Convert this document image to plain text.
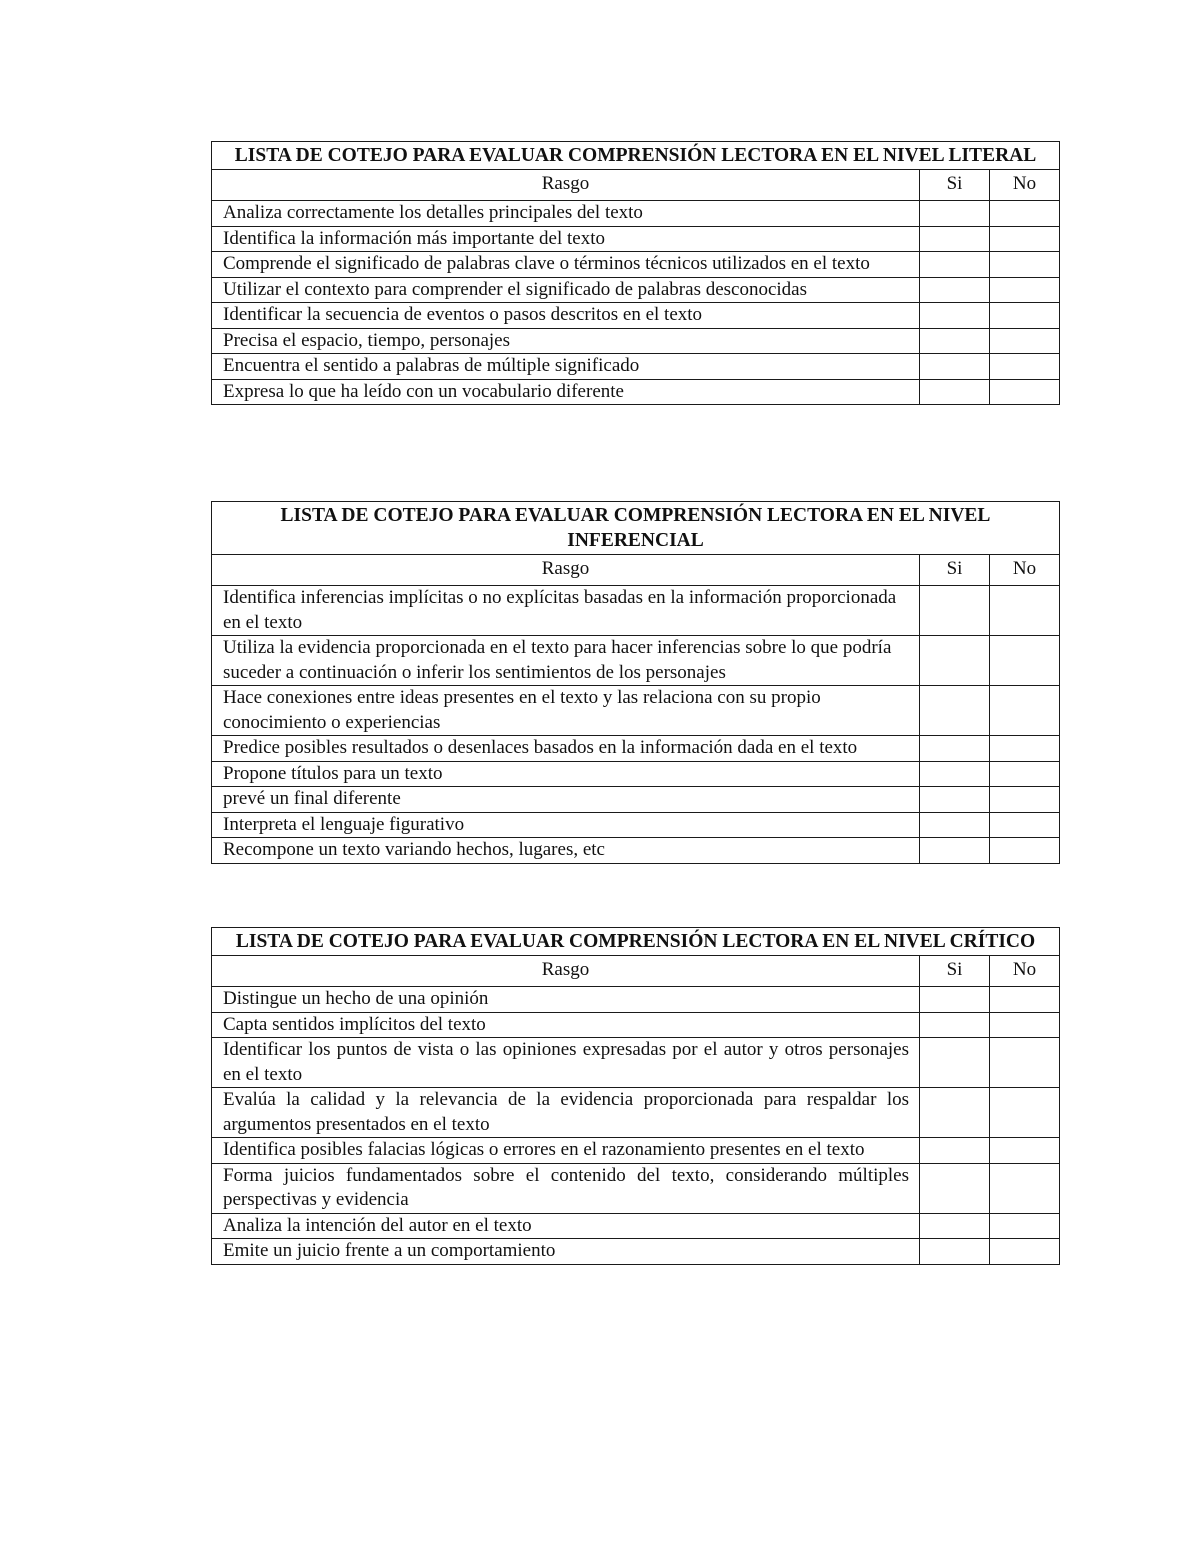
LISTA DE COTEJO PARA EVALUAR COMPRENSIÓN LECTORA EN EL NIVEL LITERAL		
Rasgo	Si	No
Analiza correctamente los detalles principales del texto		
Identifica la información más importante del texto		
Comprende el significado de palabras clave o términos técnicos utilizados en el texto		
Utilizar el contexto para comprender el significado de palabras desconocidas		
Identificar la secuencia de eventos o pasos descritos en el texto		
Precisa el espacio, tiempo, personajes		
Encuentra el sentido a palabras de múltiple significado		
Expresa lo que ha leído con un vocabulario diferente		
LISTA DE COTEJO PARA EVALUAR COMPRENSIÓN LECTORA EN EL NIVEL INFERENCIAL		
Rasgo	Si	No
Identifica inferencias implícitas o no explícitas basadas en la información proporcionada en el texto		
Utiliza la evidencia proporcionada en el texto para hacer inferencias sobre lo que podría suceder a continuación o inferir los sentimientos de los personajes		
Hace conexiones entre ideas presentes en el texto y las relaciona con su propio conocimiento o experiencias		
Predice posibles resultados o desenlaces basados en la información dada en el texto		
Propone títulos para un texto		
prevé un final diferente		
Interpreta el lenguaje figurativo		
Recompone un texto variando hechos, lugares, etc		
LISTA DE COTEJO PARA EVALUAR COMPRENSIÓN LECTORA EN EL NIVEL CRÍTICO		
Rasgo	Si	No
Distingue un hecho de una opinión		
Capta sentidos implícitos del texto		
Identificar los puntos de vista o las opiniones expresadas por el autor y otros personajes en el texto		
Evalúa la calidad y la relevancia de la evidencia proporcionada para respaldar los argumentos presentados en el texto		
Identifica posibles falacias lógicas o errores en el razonamiento presentes en el texto		
Forma juicios fundamentados sobre el contenido del texto, considerando múltiples perspectivas y evidencia		
Analiza la intención del autor en el texto		
Emite un juicio frente a un comportamiento		
